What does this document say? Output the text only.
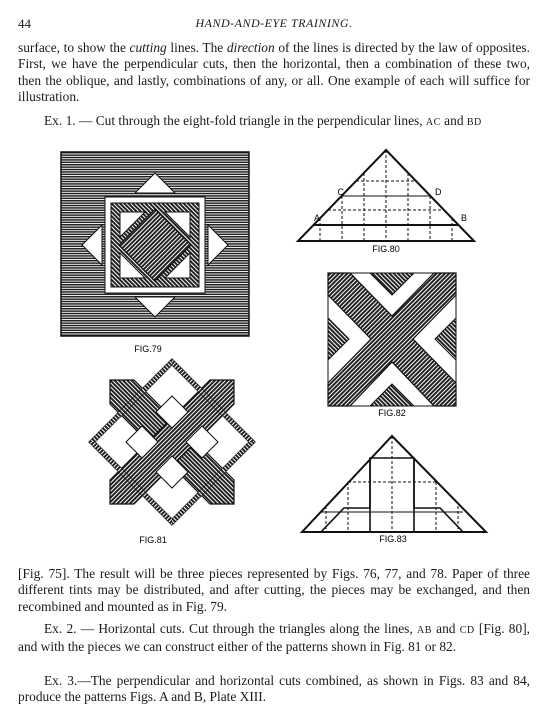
44	HAND-AND-EYE TRAINING.
surface, to show the cutting lines. The direction of the lines is directed by the law of opposites. First, we have the perpendicular cuts, then the horizontal, then a combination of these two, then the oblique, and lastly, combinations of any, or all. One example of each will suffice for illustration.
Ex. 1. — Cut through the eight-fold triangle in the perpendicular lines, AC and BD
FIG.79
C	D
A	B
FIG.80
FIG.82
FIG.81	FIG.83
[Fig. 75]. The result will be three pieces represented by Figs. 76, 77, and 78. Paper of three different tints may be distributed, and after cutting, the pieces may be exchanged, and then recombined and mounted as in Fig. 79.
Ex. 2. — Horizontal cuts. Cut through the triangles along the lines, AB and CD [Fig. 80], and with the pieces we can construct either of the patterns shown in Fig. 81 or 82.
Ex. 3.—The perpendicular and horizontal cuts combined, as shown in Figs. 83 and 84, produce the patterns Figs. A and B, Plate XIII.
